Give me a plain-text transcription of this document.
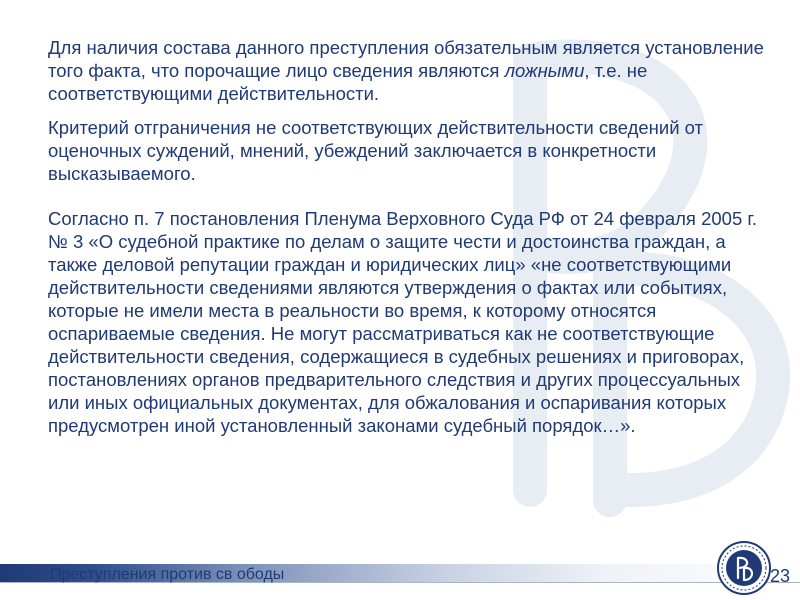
Для наличия состава данного преступления обязательным является установление того факта, что порочащие лицо сведения являются ложными, т.е. не соответствующими действительности.

Критерий отграничения не соответствующих действительности сведений от оценочных суждений, мнений, убеждений заключается в конкретности высказываемого.

Согласно п. 7 постановления Пленума Верховного Суда РФ от 24 февраля 2005 г. № 3 «О судебной практике по делам о защите чести и достоинства граждан, а также деловой репутации граждан и юридических лиц» «не соответствующими действительности сведениями являются утверждения о фактах или событиях, которые не имели места в реальности во время, к которому относятся оспариваемые сведения. Не могут рассматриваться как не соответствующие действительности сведения, содержащиеся в судебных решениях и приговорах, постановлениях органов предварительного следствия и других процессуальных или иных официальных документах, для обжалования и оспаривания которых предусмотрен иной установленный законами судебный порядок…».

Преступления против св ободы	23
